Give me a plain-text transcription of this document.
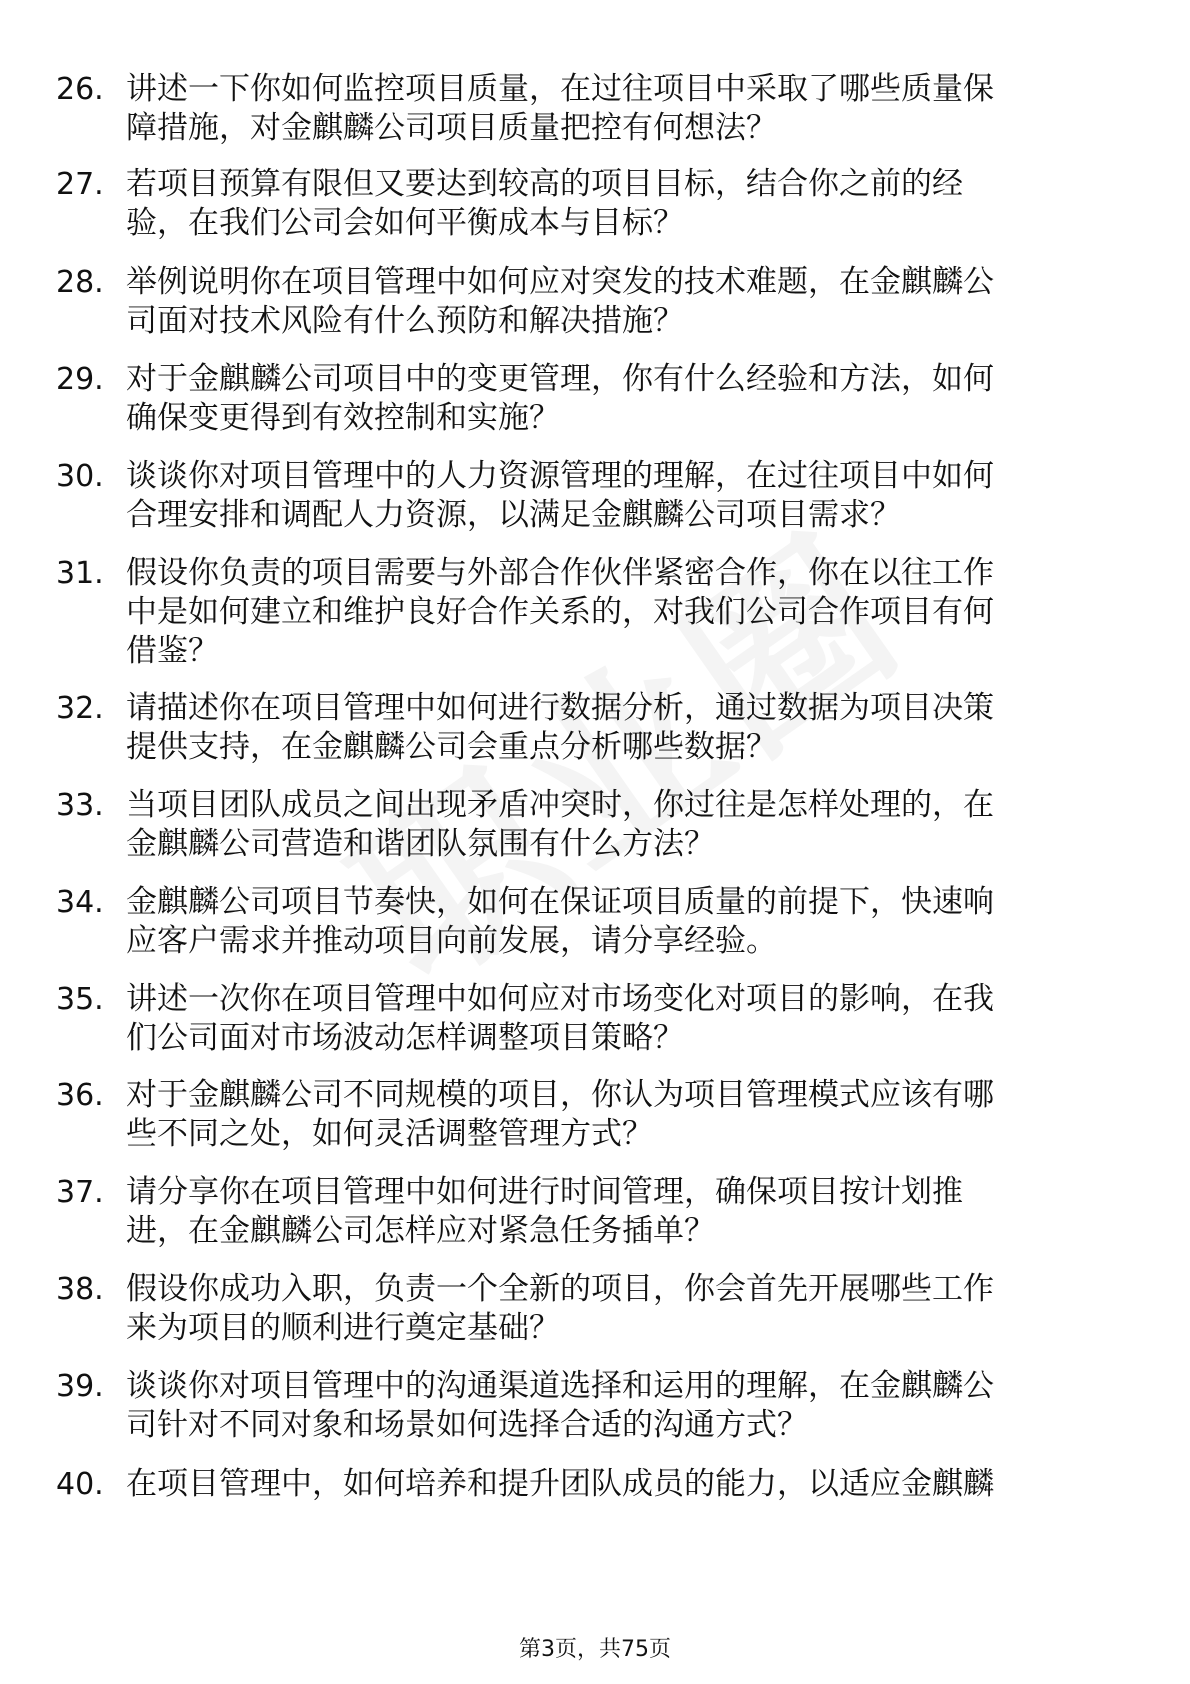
26. 讲述一下你如何监控项目质量，在过往项目中采取了哪些质量保
障措施，对金麒麟公司项目质量把控有何想法？
27. 若项目预算有限但又要达到较高的项目目标，结合你之前的经
验，在我们公司会如何平衡成本与目标？
28. 举例说明你在项目管理中如何应对突发的技术难题，在金麒麟公
司面对技术风险有什么预防和解决措施？
29. 对于金麒麟公司项目中的变更管理，你有什么经验和方法，如何
确保变更得到有效控制和实施？
30. 谈谈你对项目管理中的人力资源管理的理解，在过往项目中如何
合理安排和调配人力资源，以满足金麒麟公司项目需求？
31. 假设你负责的项目需要与外部合作伙伴紧密合作，你在以往工作
中是如何建立和维护良好合作关系的，对我们公司合作项目有何
借鉴？
32. 请描述你在项目管理中如何进行数据分析，通过数据为项目决策
提供支持，在金麒麟公司会重点分析哪些数据？
33. 当项目团队成员之间出现矛盾冲突时，你过往是怎样处理的，在
金麒麟公司营造和谐团队氛围有什么方法？
34. 金麒麟公司项目节奏快，如何在保证项目质量的前提下，快速响
应客户需求并推动项目向前发展，请分享经验。
35. 讲述一次你在项目管理中如何应对市场变化对项目的影响，在我
们公司面对市场波动怎样调整项目策略？
36. 对于金麒麟公司不同规模的项目，你认为项目管理模式应该有哪
些不同之处，如何灵活调整管理方式？
37. 请分享你在项目管理中如何进行时间管理，确保项目按计划推
进，在金麒麟公司怎样应对紧急任务插单？
38. 假设你成功入职，负责一个全新的项目，你会首先开展哪些工作
来为项目的顺利进行奠定基础？
39. 谈谈你对项目管理中的沟通渠道选择和运用的理解，在金麒麟公
司针对不同对象和场景如何选择合适的沟通方式？
40. 在项目管理中，如何培养和提升团队成员的能力，以适应金麒麟
第3页，共75页
